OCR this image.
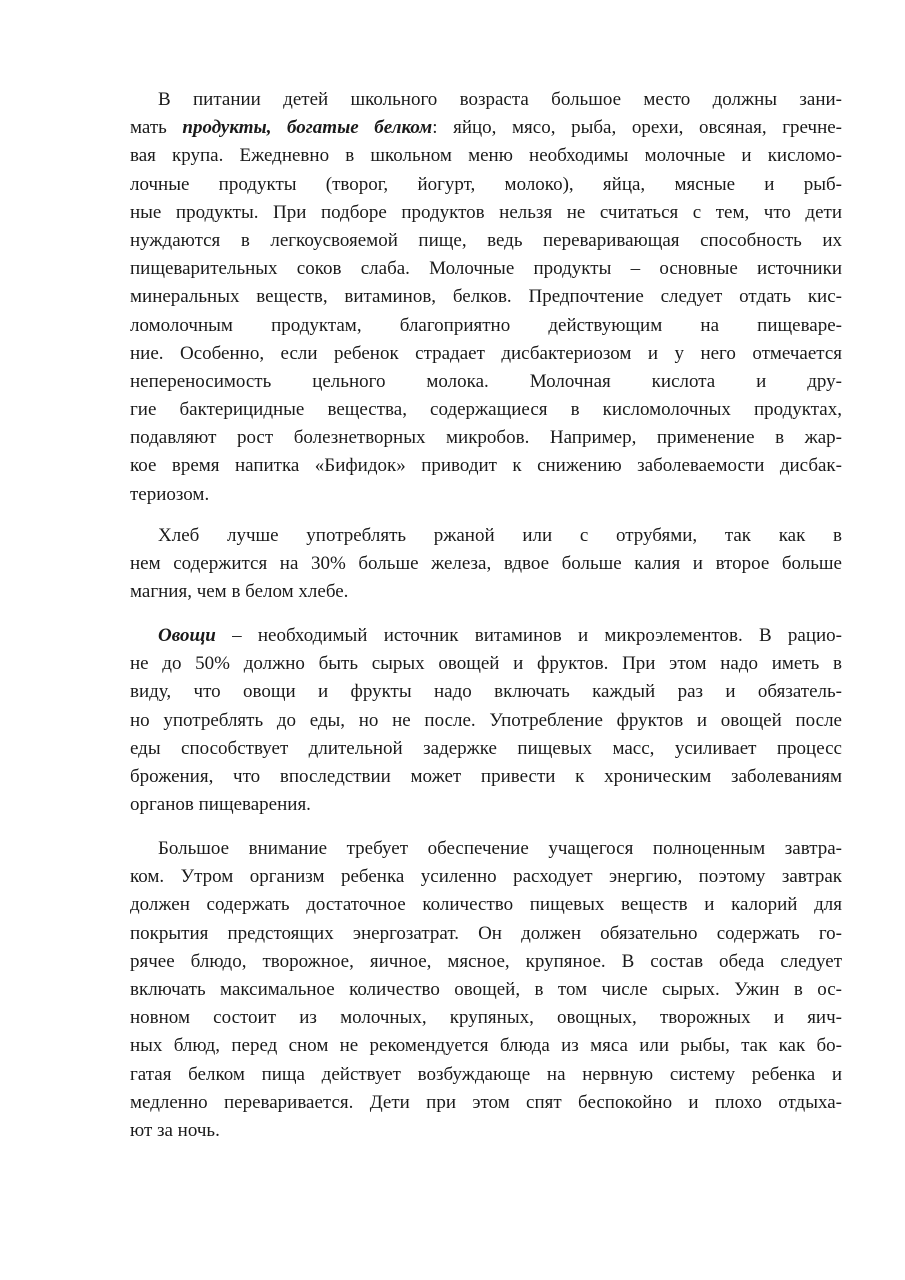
В питании детей школьного возраста большое место должны зани-
мать продукты, богатые белком: яйцо, мясо, рыба, орехи, овсяная, гречне-
вая крупа. Ежедневно в школьном меню необходимы молочные и кисломо-
лочные продукты (творог, йогурт, молоко), яйца, мясные и рыб-
ные продукты. При подборе продуктов нельзя не считаться с тем, что дети
нуждаются в легкоусвояемой пище, ведь переваривающая способность их
пищеварительных соков слаба. Молочные продукты – основные источники
минеральных веществ, витаминов, белков. Предпочтение следует отдать кис-
ломолочным продуктам, благоприятно действующим на пищеваре-
ние. Особенно, если ребенок страдает дисбактериозом и у него отмечается
непереносимость цельного молока. Молочная кислота и дру-
гие бактерицидные вещества, содержащиеся в кисломолочных продуктах,
подавляют рост болезнетворных микробов. Например, применение в жар-
кое время напитка «Бифидок» приводит к снижению заболеваемости дисбак-
териозом.
Хлеб лучше употреблять ржаной или с отрубями, так как в
нем содержится на 30% больше железа, вдвое больше калия и второе больше
магния, чем в белом хлебе.
Овощи – необходимый источник витаминов и микроэлементов. В рацио-
не до 50% должно быть сырых овощей и фруктов. При этом надо иметь в
виду, что овощи и фрукты надо включать каждый раз и обязатель-
но употреблять до еды, но не после. Употребление фруктов и овощей после
еды способствует длительной задержке пищевых масс, усиливает процесс
брожения, что впоследствии может привести к хроническим заболеваниям
органов пищеварения.
Большое внимание требует обеспечение учащегося полноценным завтра-
ком. Утром организм ребенка усиленно расходует энергию, поэтому завтрак
должен содержать достаточное количество пищевых веществ и калорий для
покрытия предстоящих энергозатрат. Он должен обязательно содержать го-
рячее блюдо, творожное, яичное, мясное, крупяное. В состав обеда следует
включать максимальное количество овощей, в том числе сырых. Ужин в ос-
новном состоит из молочных, крупяных, овощных, творожных и яич-
ных блюд, перед сном не рекомендуется блюда из мяса или рыбы, так как бо-
гатая белком пища действует возбуждающе на нервную систему ребенка и
медленно переваривается. Дети при этом спят беспокойно и плохо отдыха-
ют за ночь.
